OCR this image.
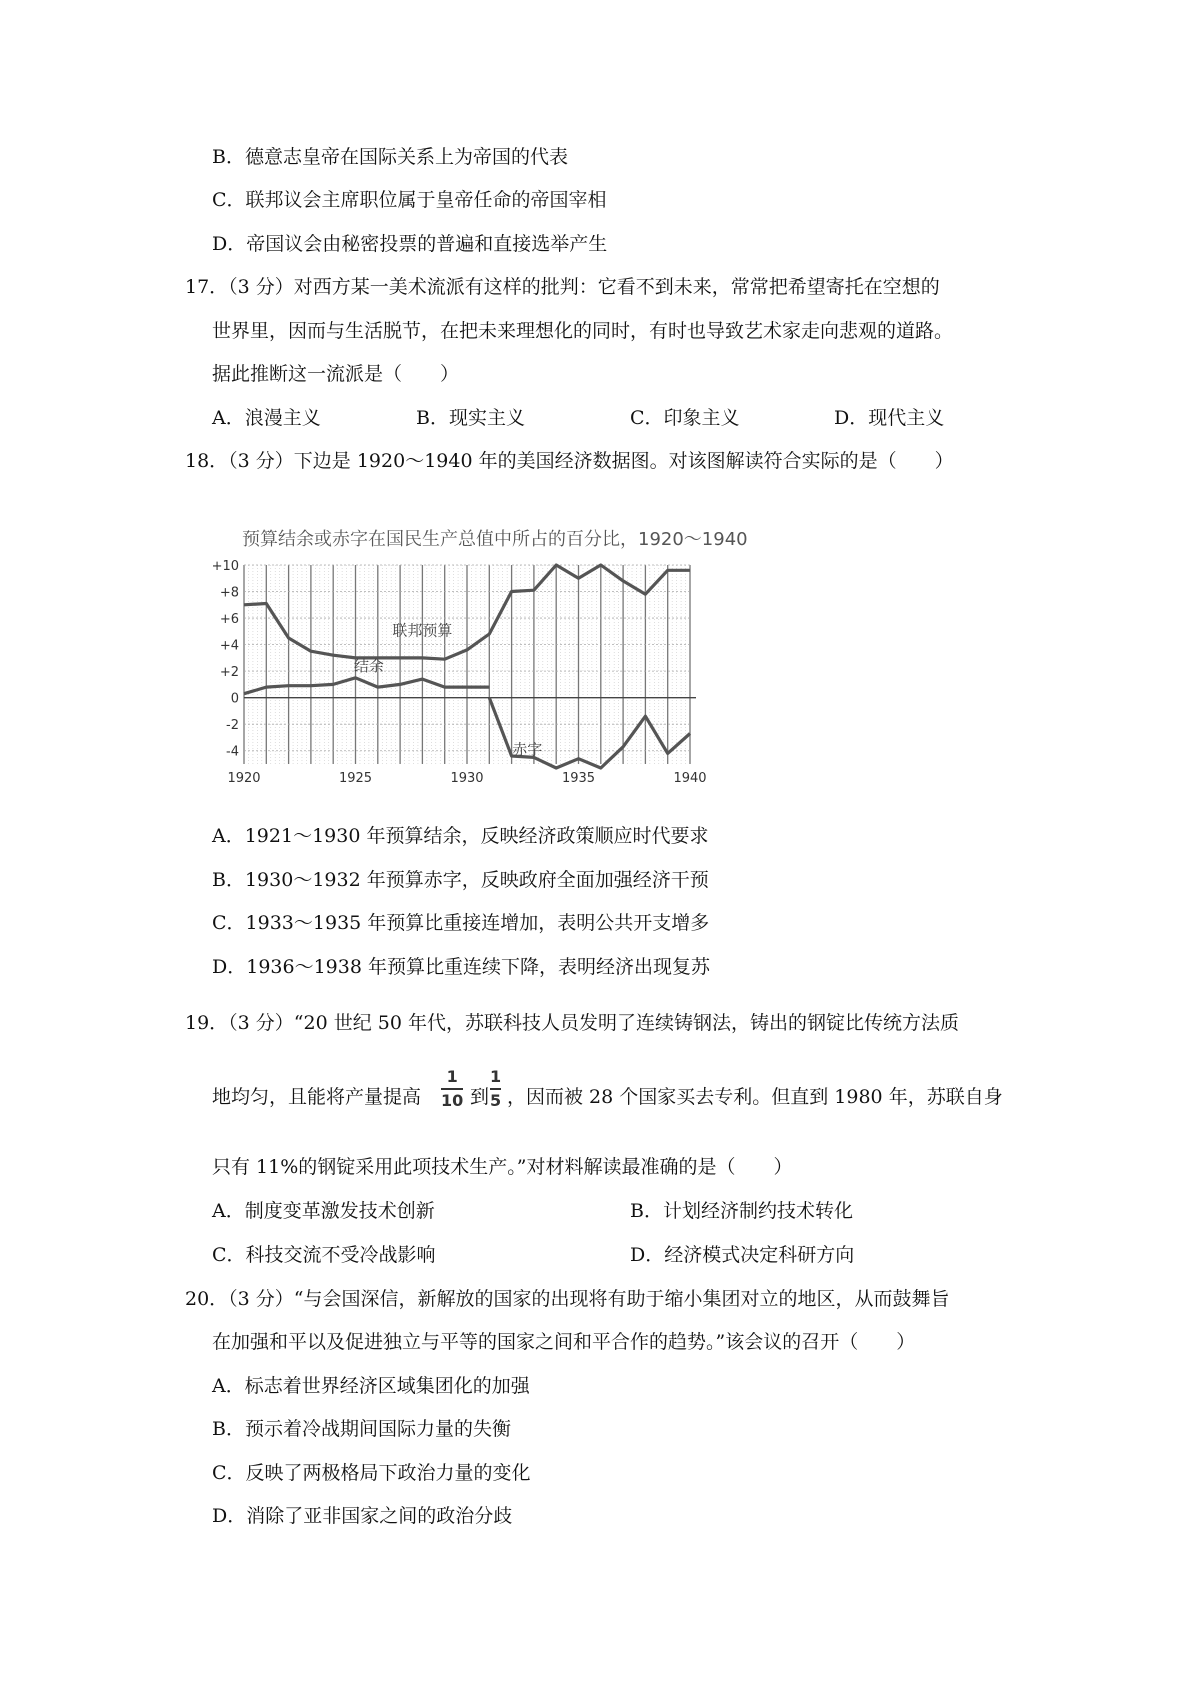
B．德意志皇帝在国际关系上为帝国的代表
C．联邦议会主席职位属于皇帝任命的帝国宰相
D．帝国议会由秘密投票的普遍和直接选举产生
17．（3 分）对西方某一美术流派有这样的批判：它看不到未来，常常把希望寄托在空想的
世界里，因而与生活脱节，在把未来理想化的同时，有时也导致艺术家走向悲观的道路。
据此推断这一流派是（　　）
A．浪漫主义	B．现实主义	C．印象主义	D．现代主义
18．（3 分）下边是 1920～1940 年的美国经济数据图。对该图解读符合实际的是（　　）
预算结余或赤字在国民生产总值中所占的百分比，1920～1940
+10
+8
+6
+4
+2
0
-2
-4
1920	1925	1930	1935	1940
联邦预算
结余
赤字
A．1921～1930 年预算结余，反映经济政策顺应时代要求
B．1930～1932 年预算赤字，反映政府全面加强经济干预
C．1933～1935 年预算比重接连增加，表明公共开支增多
D．1936～1938 年预算比重连续下降，表明经济出现复苏
19．（3 分）“20 世纪 50 年代，苏联科技人员发明了连续铸钢法，铸出的钢锭比传统方法质
地均匀，且能将产量提高
1
10 到
1
5 ，因而被 28 个国家买去专利。但直到 1980 年，苏联自身
只有 11%的钢锭采用此项技术生产。”对材料解读最准确的是（　　）
A．制度变革激发技术创新	B．计划经济制约技术转化
C．科技交流不受冷战影响	D．经济模式决定科研方向
20．（3 分）“与会国深信，新解放的国家的出现将有助于缩小集团对立的地区，从而鼓舞旨
在加强和平以及促进独立与平等的国家之间和平合作的趋势。”该会议的召开（　　）
A．标志着世界经济区域集团化的加强
B．预示着冷战期间国际力量的失衡
C．反映了两极格局下政治力量的变化
D．消除了亚非国家之间的政治分歧
